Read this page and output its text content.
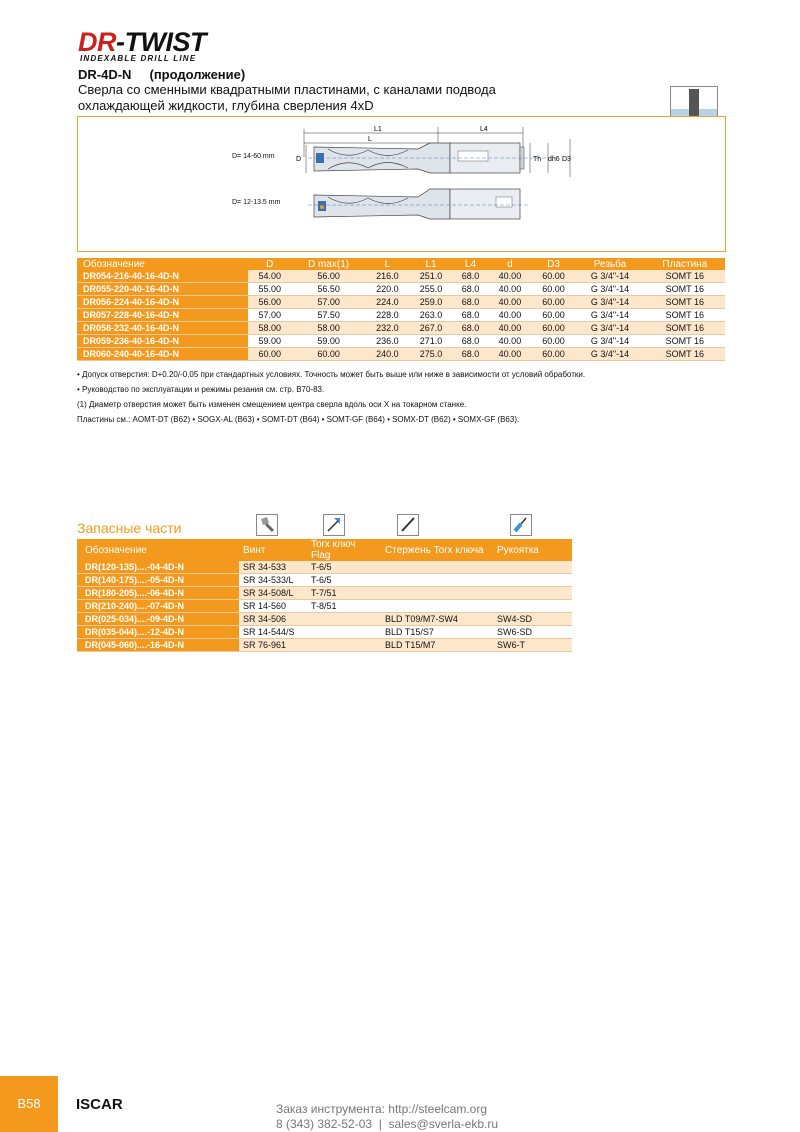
DR-TWIST
INDEXABLE DRILL LINE
DR-4D-N     (продолжение)
Сверла со сменными квадратными пластинами, с каналами подвода охлаждающей жидкости, глубина сверления 4xD
L1
L
L4
D	Th dh6 D3
D= 14-60 mm
D= 12-13.5 mm
Обозначение	D	D max(1)	L	L1	L4	d	D3	Резьба	Пластина
DR054-216-40-16-4D-N	54.00	56.00	216.0	251.0	68.0	40.00	60.00	G 3/4"-14	SOMT 16
DR055-220-40-16-4D-N	55.00	56.50	220.0	255.0	68.0	40.00	60.00	G 3/4"-14	SOMT 16
DR056-224-40-16-4D-N	56.00	57.00	224.0	259.0	68.0	40.00	60.00	G 3/4"-14	SOMT 16
DR057-228-40-16-4D-N	57.00	57.50	228.0	263.0	68.0	40.00	60.00	G 3/4"-14	SOMT 16
DR058-232-40-16-4D-N	58.00	58.00	232.0	267.0	68.0	40.00	60.00	G 3/4"-14	SOMT 16
DR059-236-40-16-4D-N	59.00	59.00	236.0	271.0	68.0	40.00	60.00	G 3/4"-14	SOMT 16
DR060-240-40-16-4D-N	60.00	60.00	240.0	275.0	68.0	40.00	60.00	G 3/4"-14	SOMT 16

• Допуск отверстия: D+0.20/-0.05 при стандартных условиях. Точность может быть выше или ниже в зависимости от условий обработки.

• Руководство по эксплуатации и режимы резания см. стр. B70-83.

(1) Диаметр отверстия может быть изменен смещением центра сверла вдоль оси X на токарном станке.

Пластины см.: AOMT-DT (B62) • SOGX-AL (B63) • SOMT-DT (B64) • SOMT-GF (B64) • SOMX-DT (B62) • SOMX-GF (B63).

Запасные части
Обозначение	Винт	Torx ключ Flag	Стержень Torx ключа	Рукоятка
DR(120-135)....-04-4D-N	SR 34-533	T-6/5		
DR(140-175)....-05-4D-N	SR 34-533/L	T-6/5		
DR(180-205)....-06-4D-N	SR 34-508/L	T-7/51		
DR(210-240)....-07-4D-N	SR 14-560	T-8/51		
DR(025-034)....-09-4D-N	SR 34-506		BLD T09/M7-SW4	SW4-SD
DR(035-044)....-12-4D-N	SR 14-544/S		BLD T15/S7	SW6-SD
DR(045-060)....-16-4D-N	SR 76-961		BLD T15/M7	SW6-T
B58	ISCAR	Заказ инструмента: http://steelcam.org
8 (343) 382-52-03  |  sales@sverla-ekb.ru
